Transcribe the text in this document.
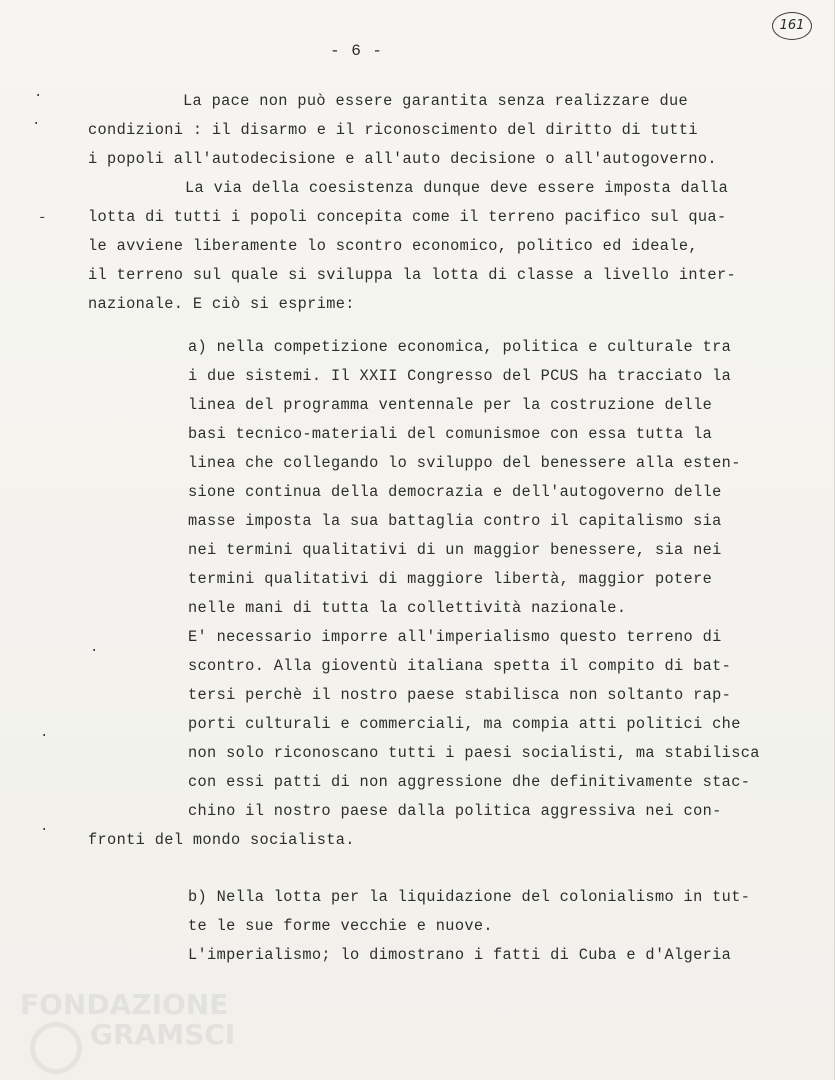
161
- 6 -
·
·
-
·
·
·
La pace non può essere garantita senza realizzare due
condizioni : il disarmo e il riconoscimento del diritto di tutti
i popoli all'autodecisione e all'auto decisione o all'autogoverno.
La via della coesistenza dunque deve essere imposta dalla
lotta di tutti i popoli concepita come il terreno pacifico sul qua-
le avviene liberamente lo scontro economico, politico ed ideale,
il terreno sul quale si sviluppa la lotta di classe a livello inter-
nazionale. E ciò si esprime:
a) nella competizione economica, politica e culturale tra
i due sistemi. Il XXII Congresso del PCUS ha tracciato la
linea del programma ventennale per la costruzione delle
basi tecnico-materiali del comunismoe con essa tutta la
linea che collegando lo sviluppo del benessere alla esten-
sione continua della democrazia e dell'autogoverno delle
masse imposta la sua battaglia contro il capitalismo sia
nei termini qualitativi di un maggior benessere, sia nei
termini qualitativi di maggiore libertà, maggior potere
nelle mani di tutta la collettività nazionale.
E' necessario imporre all'imperialismo questo terreno di
scontro. Alla gioventù italiana spetta il compito di bat-
tersi perchè il nostro paese stabilisca non soltanto rap-
porti culturali e commerciali, ma compia atti politici che
non solo riconoscano tutti i paesi socialisti, ma stabilisca
con essi patti di non aggressione dhe definitivamente stac-
chino il nostro paese dalla politica aggressiva nei con-
fronti del mondo socialista.
b) Nella lotta per la liquidazione del colonialismo in tut-
te le sue forme vecchie e nuove.
L'imperialismo; lo dimostrano i fatti di Cuba e d'Algeria
FONDAZIONE
GRAMSCI
